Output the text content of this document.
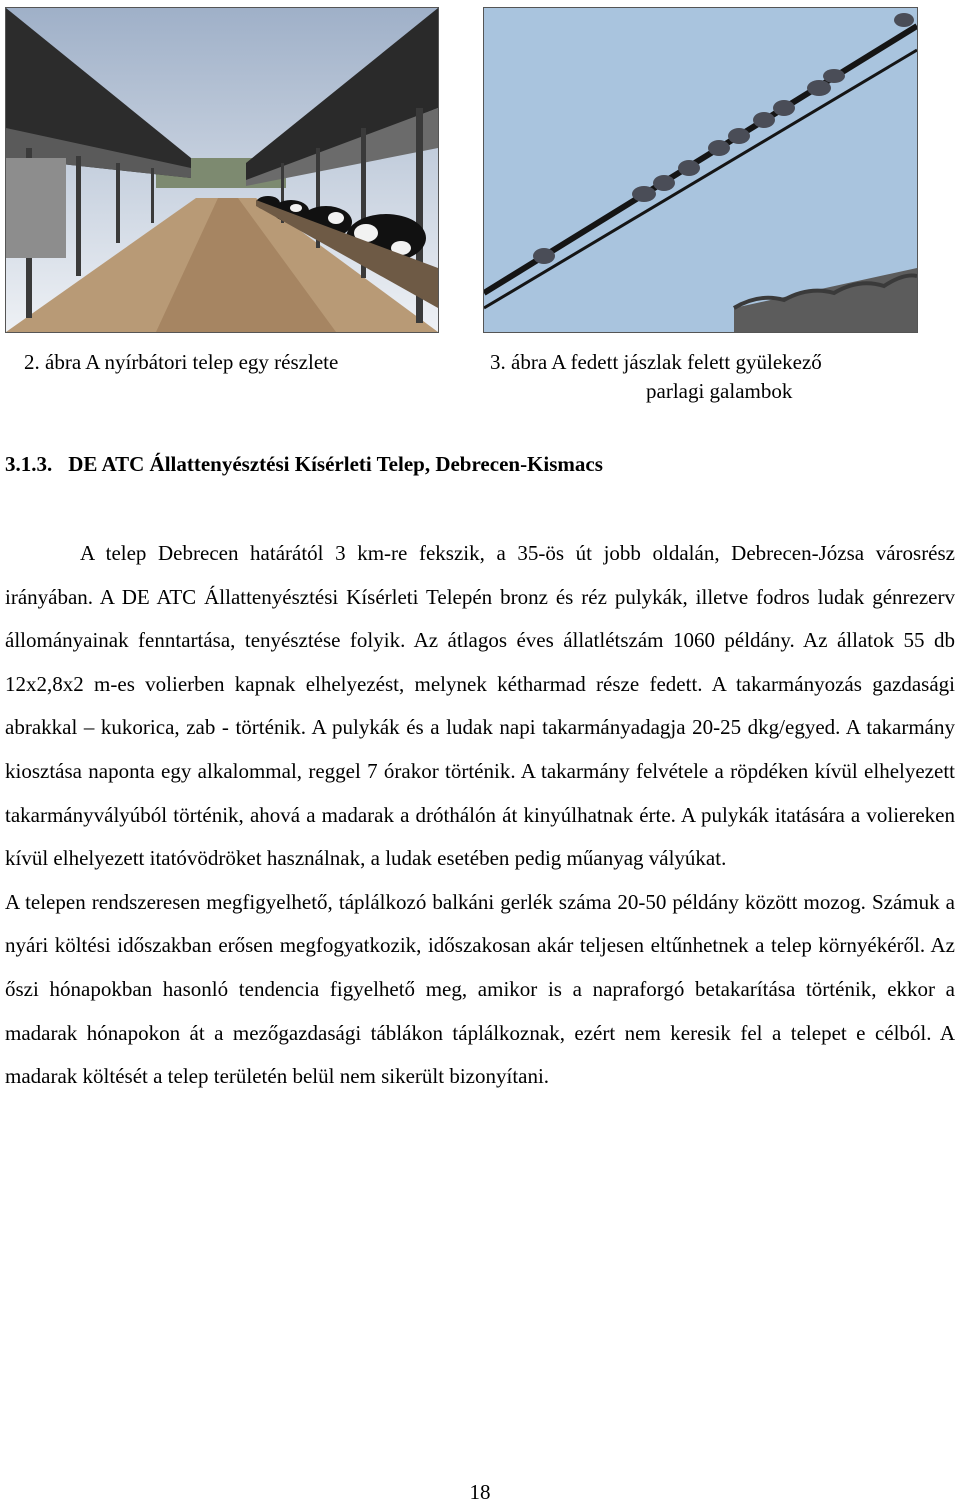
2. ábra A nyírbátori telep egy részlete	3. ábra A fedett jászlak felett gyülekező
parlagi galambok
3.1.3. DE ATC Állattenyésztési Kísérleti Telep, Debrecen-Kismacs

A telep Debrecen határától 3 km-re fekszik, a 35-ös út jobb oldalán, Debrecen-Józsa városrész irányában. A DE ATC Állattenyésztési Kísérleti Telepén bronz és réz pulykák, illetve fodros ludak génrezerv állományainak fenntartása, tenyésztése folyik. Az átlagos éves állatlétszám 1060 példány. Az állatok 55 db 12x2,8x2 m-es volierben kapnak elhelyezést, melynek kétharmad része fedett. A takarmányozás gazdasági abrakkal – kukorica, zab - történik. A pulykák és a ludak napi takarmányadagja 20-25 dkg/egyed. A takarmány kiosztása naponta egy alkalommal, reggel 7 órakor történik. A takarmány felvétele a röpdéken kívül elhelyezett takarmányvályúból történik, ahová a madarak a dróthálón át kinyúlhatnak érte. A pulykák itatására a voliereken kívül elhelyezett itatóvödröket használnak, a ludak esetében pedig műanyag vályúkat.

A telepen rendszeresen megfigyelhető, táplálkozó balkáni gerlék száma 20-50 példány között mozog. Számuk a nyári költési időszakban erősen megfogyatkozik, időszakosan akár teljesen eltűnhetnek a telep környékéről. Az őszi hónapokban hasonló tendencia figyelhető meg, amikor is a napraforgó betakarítása történik, ekkor a madarak hónapokon át a mezőgazdasági táblákon táplálkoznak, ezért nem keresik fel a telepet e célból. A madarak költését a telep területén belül nem sikerült bizonyítani.

18
